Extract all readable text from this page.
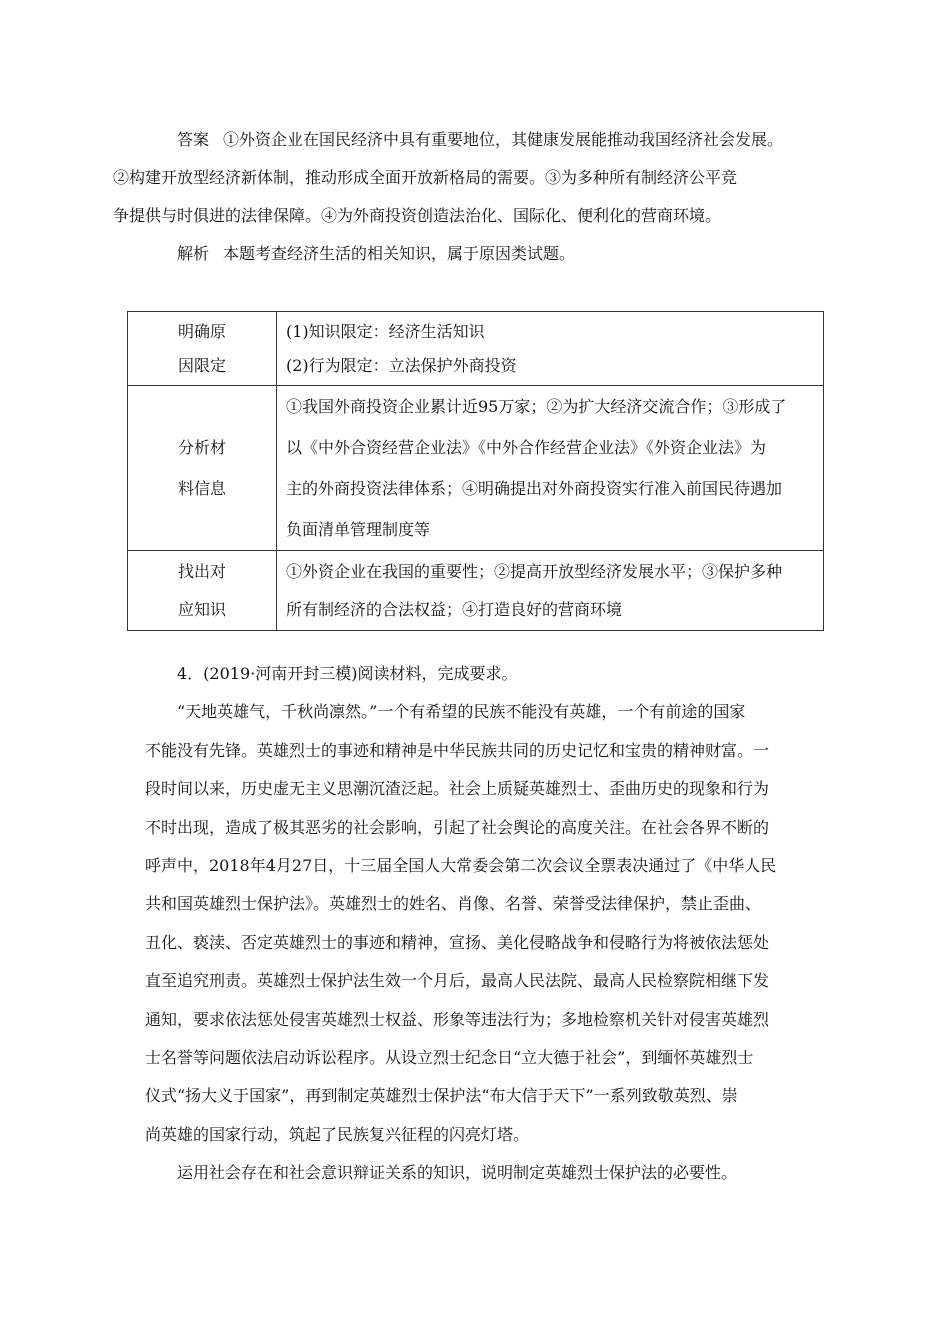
答案 ①外资企业在国民经济中具有重要地位，其健康发展能推动我国经济社会发展。

②构建开放型经济新体制，推动形成全面开放新格局的需要。③为多种所有制经济公平竞

争提供与时俱进的法律保障。④为外商投资创造法治化、国际化、便利化的营商环境。

解析 本题考查经济生活的相关知识，属于原因类试题。

明确原
因限定	(1)知识限定：经济生活知识
(2)行为限定：立法保护外商投资

分析材
料信息	①我国外商投资企业累计近95万家；②为扩大经济交流合作；③形成了
以《中外合资经营企业法》《中外合作经营企业法》《外资企业法》为
主的外商投资法律体系；④明确提出对外商投资实行准入前国民待遇加
负面清单管理制度等

找出对
应知识	①外资企业在我国的重要性；②提高开放型经济发展水平；③保护多种
所有制经济的合法权益；④打造良好的营商环境

4．(2019·河南开封三模)阅读材料，完成要求。

“天地英雄气，千秋尚凛然。”一个有希望的民族不能没有英雄，一个有前途的国家

不能没有先锋。英雄烈士的事迹和精神是中华民族共同的历史记忆和宝贵的精神财富。一

段时间以来，历史虚无主义思潮沉渣泛起。社会上质疑英雄烈士、歪曲历史的现象和行为

不时出现，造成了极其恶劣的社会影响，引起了社会舆论的高度关注。在社会各界不断的

呼声中，2018年4月27日，十三届全国人大常委会第二次会议全票表决通过了《中华人民

共和国英雄烈士保护法》。英雄烈士的姓名、肖像、名誉、荣誉受法律保护，禁止歪曲、

丑化、亵渎、否定英雄烈士的事迹和精神，宣扬、美化侵略战争和侵略行为将被依法惩处

直至追究刑责。英雄烈士保护法生效一个月后，最高人民法院、最高人民检察院相继下发

通知，要求依法惩处侵害英雄烈士权益、形象等违法行为；多地检察机关针对侵害英雄烈

士名誉等问题依法启动诉讼程序。从设立烈士纪念日“立大德于社会”，到缅怀英雄烈士

仪式“扬大义于国家”，再到制定英雄烈士保护法“布大信于天下”一系列致敬英烈、崇

尚英雄的国家行动，筑起了民族复兴征程的闪亮灯塔。

运用社会存在和社会意识辩证关系的知识，说明制定英雄烈士保护法的必要性。
